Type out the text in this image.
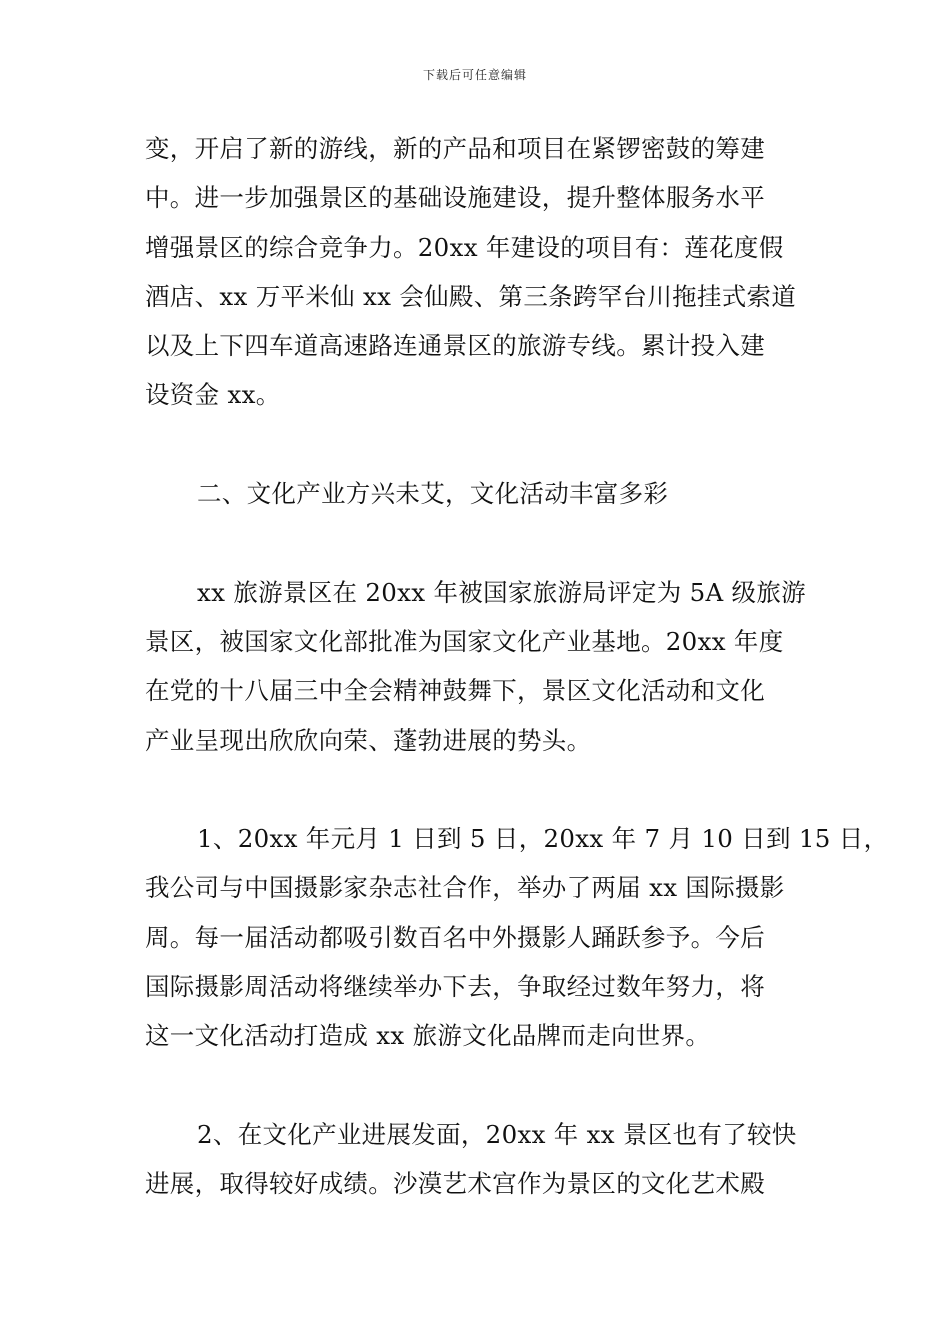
下载后可任意编辑
变，开启了新的游线，新的产品和项目在紧锣密鼓的筹建
中。进一步加强景区的基础设施建设，提升整体服务水平
增强景区的综合竞争力。20xx 年建设的项目有：莲花度假
酒店、xx 万平米仙 xx 会仙殿、第三条跨罕台川拖挂式索道
以及上下四车道高速路连通景区的旅游专线。累计投入建
设资金 xx。
二、文化产业方兴未艾，文化活动丰富多彩
xx 旅游景区在 20xx 年被国家旅游局评定为 5A 级旅游
景区，被国家文化部批准为国家文化产业基地。20xx 年度
在党的十八届三中全会精神鼓舞下，景区文化活动和文化
产业呈现出欣欣向荣、蓬勃进展的势头。
1、20xx 年元月 1 日到 5 日，20xx 年 7 月 10 日到 15 日，
我公司与中国摄影家杂志社合作，举办了两届 xx 国际摄影
周。每一届活动都吸引数百名中外摄影人踊跃参予。今后
国际摄影周活动将继续举办下去，争取经过数年努力，将
这一文化活动打造成 xx 旅游文化品牌而走向世界。
2、在文化产业进展发面，20xx 年 xx 景区也有了较快
进展，取得较好成绩。沙漠艺术宫作为景区的文化艺术殿
